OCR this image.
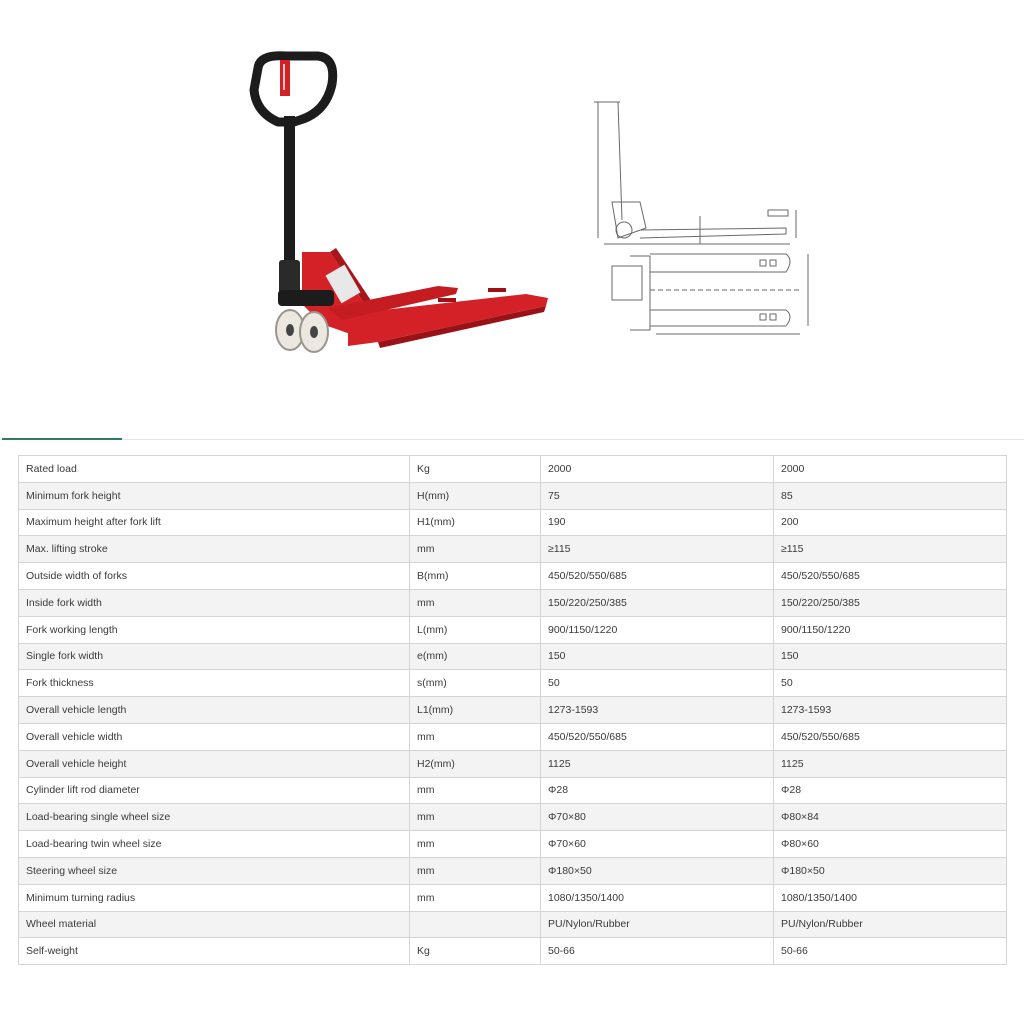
Rated load	Kg	2000	2000
Minimum fork height	H(mm)	75	85
Maximum height after fork lift	H1(mm)	190	200
Max. lifting stroke	mm	≥115	≥115
Outside width of forks	B(mm)	450/520/550/685	450/520/550/685
Inside fork width	mm	150/220/250/385	150/220/250/385
Fork working length	L(mm)	900/1150/1220	900/1150/1220
Single fork width	e(mm)	150	150
Fork thickness	s(mm)	50	50
Overall vehicle length	L1(mm)	1273-1593	1273-1593
Overall vehicle width	mm	450/520/550/685	450/520/550/685
Overall vehicle height	H2(mm)	1125	1125
Cylinder lift rod diameter	mm	Φ28	Φ28
Load-bearing single wheel size	mm	Φ70×80	Φ80×84
Load-bearing twin wheel size	mm	Φ70×60	Φ80×60
Steering wheel size	mm	Φ180×50	Φ180×50
Minimum turning radius	mm	1080/1350/1400	1080/1350/1400
Wheel material		PU/Nylon/Rubber	PU/Nylon/Rubber
Self-weight	Kg	50-66	50-66
